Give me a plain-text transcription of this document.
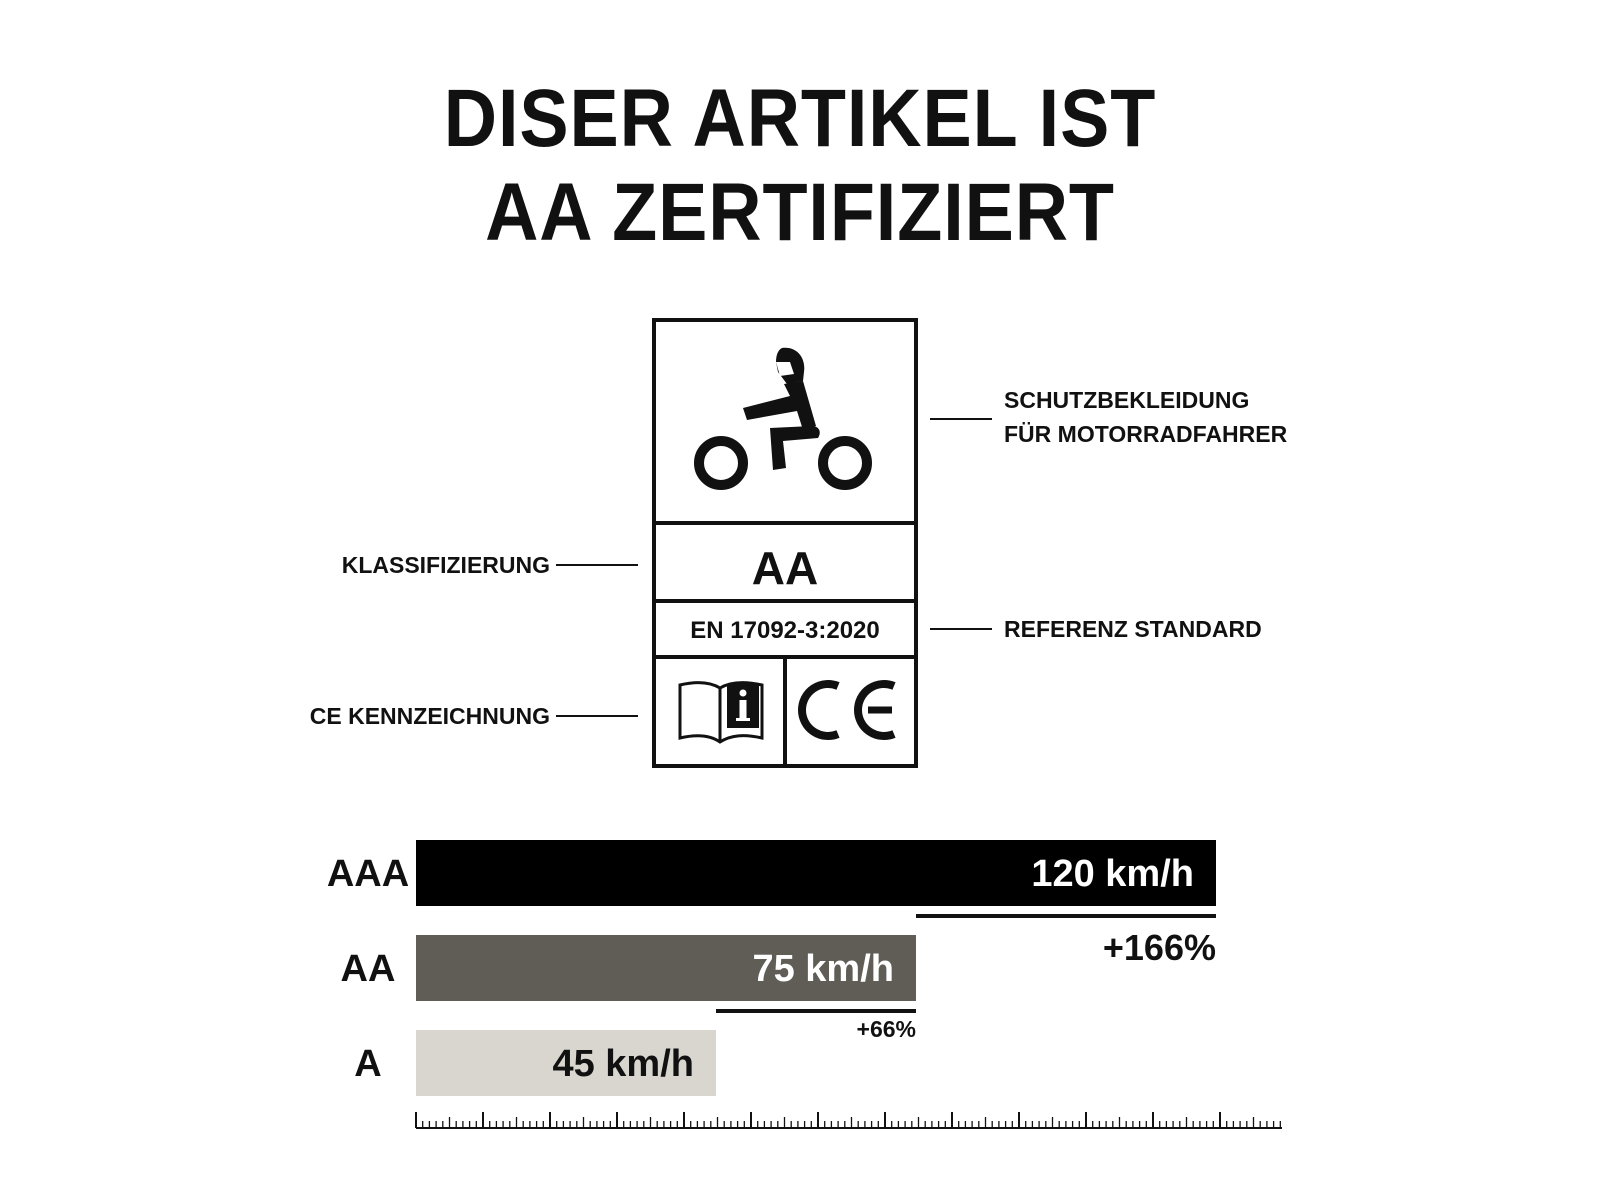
DISER ARTIKEL IST
AA ZERTIFIZIERT
SCHUTZBEKLEIDUNG
FÜR MOTORRADFAHRER
KLASSIFIZIERUNG
REFERENZ STANDARD
CE KENNZEICHNUNG
AA
EN 17092-3:2020
AAA	120 km/h
AA	75 km/h
A	45 km/h
+66%
+166%
